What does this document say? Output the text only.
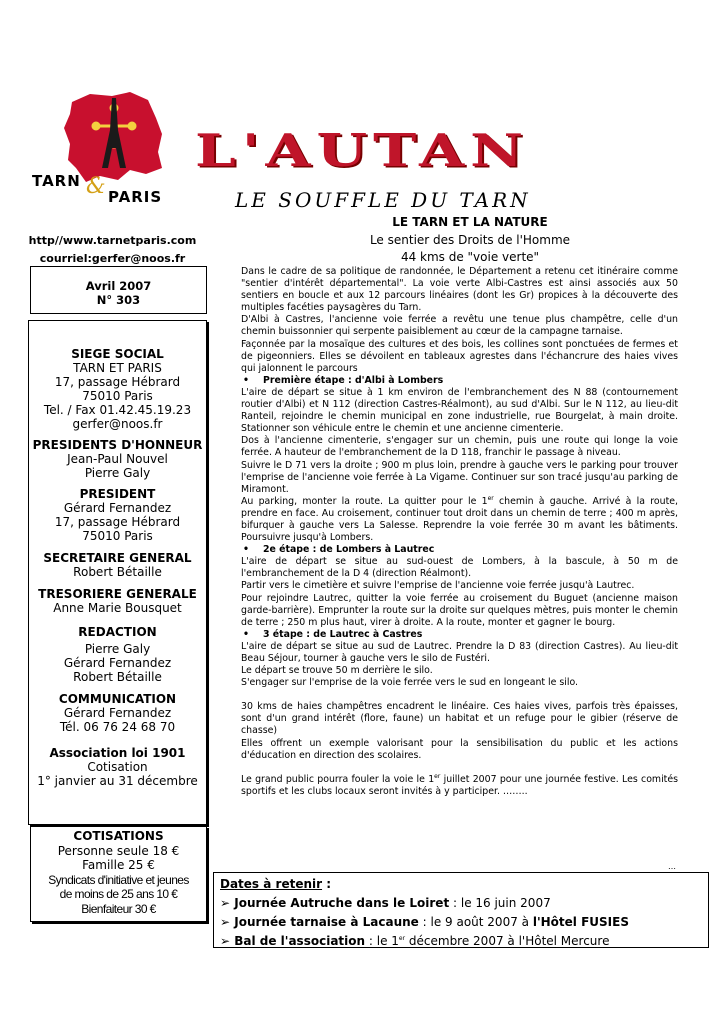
TARN & PARIS
L'AUTAN
LE SOUFFLE DU TARN
http//www.tarnetparis.com
courriel:gerfer@noos.fr
Avril 2007
N° 303
SIEGE SOCIAL
TARN ET PARIS
17, passage Hébrard
75010 Paris
Tel. / Fax 01.42.45.19.23
gerfer@noos.fr
PRESIDENTS D'HONNEUR
Jean-Paul Nouvel
Pierre Galy
PRESIDENT
Gérard Fernandez
17, passage Hébrard
75010 Paris
SECRETAIRE GENERAL
Robert Bétaille
TRESORIERE GENERALE
Anne Marie Bousquet
REDACTION
Pierre Galy
Gérard Fernandez
Robert Bétaille
COMMUNICATION
Gérard Fernandez
Tél. 06 76 24 68 70
Association loi 1901
Cotisation
1° janvier au 31 décembre
COTISATIONS
Personne seule 18 €
Famille 25 €
Syndicats d'initiative et jeunes
de moins de 25 ans 10 €
Bienfaiteur 30 €
LE TARN ET LA NATURE
Le sentier des Droits de l'Homme
44 kms de "voie verte"

Dans le cadre de sa politique de randonnée, le Département a retenu cet itinéraire comme "sentier d'intérêt départemental". La voie verte Albi-Castres est ainsi associés aux 50 sentiers en boucle et aux 12 parcours linéaires (dont les Gr) propices à la découverte des multiples facéties paysagères du Tarn.

D'Albi à Castres, l'ancienne voie ferrée a revêtu une tenue plus champêtre, celle d'un chemin buissonnier qui serpente paisiblement au cœur de la campagne tarnaise.

Façonnée par la mosaïque des cultures et des bois, les collines sont ponctuées de fermes et de pigeonniers. Elles se dévoilent en tableaux agrestes dans l'échancrure des haies vives qui jalonnent le parcours

• Première étape : d'Albi à Lombers

L'aire de départ se situe à 1 km environ de l'embranchement des N 88 (contournement routier d'Albi) et N 112 (direction Castres-Réalmont), au sud d'Albi. Sur le N 112, au lieu-dit Ranteil, rejoindre le chemin municipal en zone industrielle, rue Bourgelat, à main droite. Stationner son véhicule entre le chemin et une ancienne cimenterie.

Dos à l'ancienne cimenterie, s'engager sur un chemin, puis une route qui longe la voie ferrée. A hauteur de l'embranchement de la D 118, franchir le passage à niveau.

Suivre le D 71 vers la droite ; 900 m plus loin, prendre à gauche vers le parking pour trouver l'emprise de l'ancienne voie ferrée à La Vigame. Continuer sur son tracé jusqu'au parking de Miramont.

Au parking, monter la route. La quitter pour le 1er chemin à gauche. Arrivé à la route, prendre en face. Au croisement, continuer tout droit dans un chemin de terre ; 400 m après, bifurquer à gauche vers La Salesse. Reprendre la voie ferrée 30 m avant les bâtiments. Poursuivre jusqu'à Lombers.

• 2e étape : de Lombers à Lautrec

L'aire de départ se situe au sud-ouest de Lombers, à la bascule, à 50 m de l'embranchement de la D 4 (direction Réalmont).

Partir vers le cimetière et suivre l'emprise de l'ancienne voie ferrée jusqu'à Lautrec.

Pour rejoindre Lautrec, quitter la voie ferrée au croisement du Buguet (ancienne maison garde-barrière). Emprunter la route sur la droite sur quelques mètres, puis monter le chemin de terre ; 250 m plus haut, virer à droite. A la route, monter et gagner le bourg.

• 3 étape : de Lautrec à Castres

L'aire de départ se situe au sud de Lautrec. Prendre la D 83 (direction Castres). Au lieu-dit Beau Séjour, tourner à gauche vers le silo de Fustéri.

Le départ se trouve 50 m derrière le silo.

S'engager sur l'emprise de la voie ferrée vers le sud en longeant le silo.

30 kms de haies champêtres encadrent le linéaire. Ces haies vives, parfois très épaisses, sont d'un grand intérêt (flore, faune) un habitat et un refuge pour le gibier (réserve de chasse)

Elles offrent un exemple valorisant pour la sensibilisation du public et les actions d'éducation en direction des scolaires.

Le grand public pourra fouler la voie le 1er juillet 2007 pour une journée festive. Les comités sportifs et les clubs locaux seront invités à y participer. ……..

…
Dates à retenir :
➢ Journée Autruche dans le Loiret : le 16 juin 2007
➢ Journée tarnaise à Lacaune : le 9 août 2007 à l'Hôtel FUSIES
➢ Bal de l'association : le 1er décembre 2007 à l'Hôtel Mercure
